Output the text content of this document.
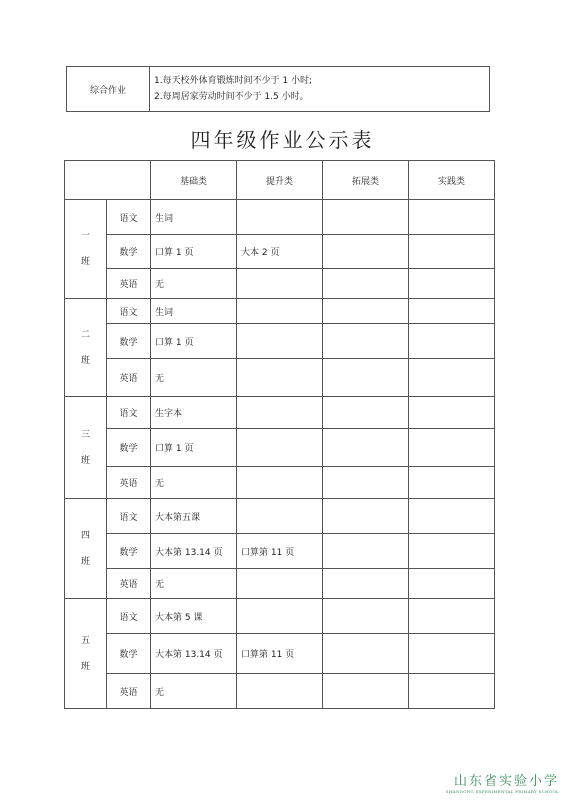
综合作业	
1.每天校外体育锻炼时间不少于 1 小时;
2.每周居家劳动时间不少于 1.5 小时。
四年级作业公示表
		基础类	提升类	拓展类	实践类

一
班	语文	生词			
	数学	口算 1 页	大本 2 页		
	英语	无			

二
班	语文	生词			
	数学	口算 1 页			
	英语	无			

三
班	语文	生字本			
	数学	口算 1 页			
	英语	无			

四
班	语文	大本第五课			
	数学	大本第 13.14 页	口算第 11 页		
	英语	无			

五
班	语文	大本第 5 课			
	数学	大本第 13.14 页	口算第 11 页		
	英语	无			
山东省实验小学
SHANDONG EXPERIMENTAL PRIMARY SCHOOL
